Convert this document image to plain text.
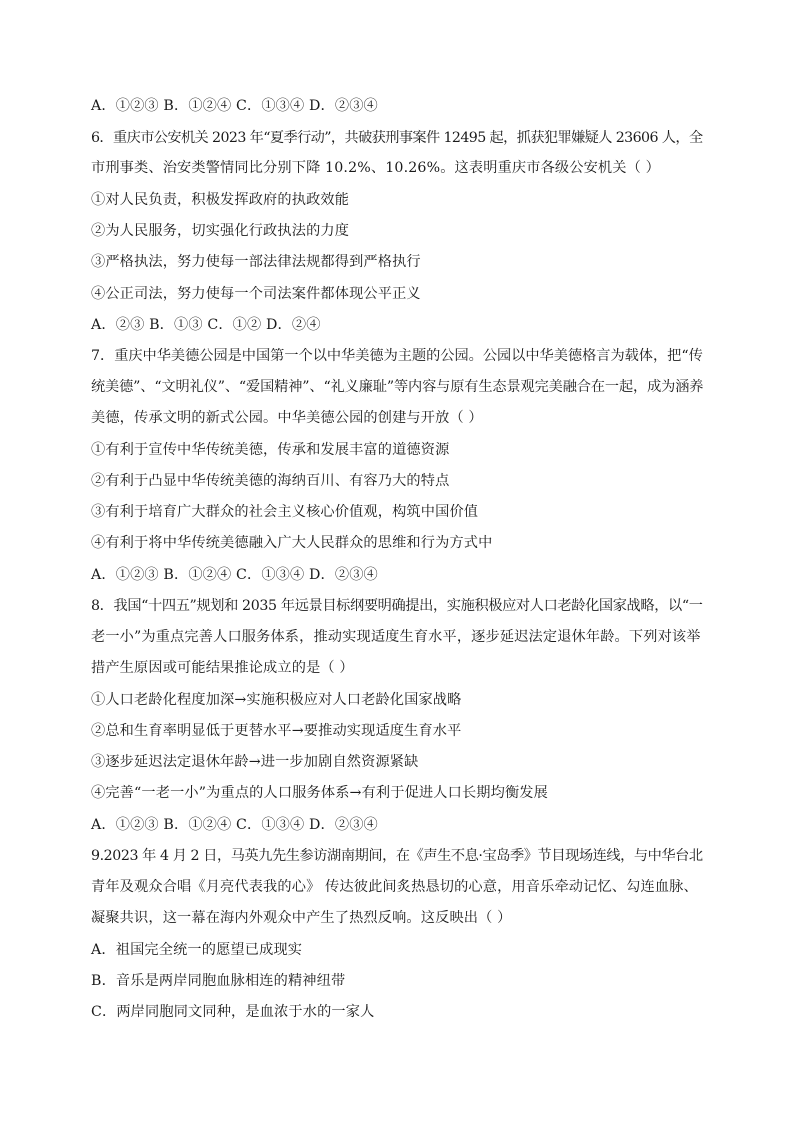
A．①②③ B．①②④ C．①③④ D．②③④
6．重庆市公安机关 2023 年“夏季行动”，共破获刑事案件 12495 起，抓获犯罪嫌疑人 23606 人，全
市刑事类、治安类警情同比分别下降 10.2%、10.26%。这表明重庆市各级公安机关（ ）
①对人民负责，积极发挥政府的执政效能
②为人民服务，切实强化行政执法的力度
③严格执法，努力使每一部法律法规都得到严格执行
④公正司法，努力使每一个司法案件都体现公平正义
A．②③ B．①③ C．①② D．②④
7．重庆中华美德公园是中国第一个以中华美德为主题的公园。公园以中华美德格言为载体，把“传
统美德”、“文明礼仪”、“爱国精神”、“礼义廉耻”等内容与原有生态景观完美融合在一起，成为涵养
美德，传承文明的新式公园。中华美德公园的创建与开放（ ）
①有利于宣传中华传统美德，传承和发展丰富的道德资源
②有利于凸显中华传统美德的海纳百川、有容乃大的特点
③有利于培育广大群众的社会主义核心价值观，构筑中国价值
④有利于将中华传统美德融入广大人民群众的思维和行为方式中
A．①②③ B．①②④ C．①③④ D．②③④
8．我国“十四五”规划和 2035 年远景目标纲要明确提出，实施积极应对人口老龄化国家战略，以“一
老一小”为重点完善人口服务体系，推动实现适度生育水平，逐步延迟法定退休年龄。下列对该举
措产生原因或可能结果推论成立的是（ ）
①人口老龄化程度加深→实施积极应对人口老龄化国家战略
②总和生育率明显低于更替水平→要推动实现适度生育水平
③逐步延迟法定退休年龄→进一步加剧自然资源紧缺
④完善“一老一小”为重点的人口服务体系→有利于促进人口长期均衡发展
A．①②③ B．①②④ C．①③④ D．②③④
9.2023 年 4 月 2 日，马英九先生参访湖南期间，在《声生不息·宝岛季》节目现场连线，与中华台北
青年及观众合唱《月亮代表我的心》 传达彼此间炙热恳切的心意，用音乐牵动记忆、勾连血脉、
凝聚共识，这一幕在海内外观众中产生了热烈反响。这反映出（ ）
A．祖国完全统一的愿望已成现实
B．音乐是两岸同胞血脉相连的精神纽带
C．两岸同胞同文同种，是血浓于水的一家人
